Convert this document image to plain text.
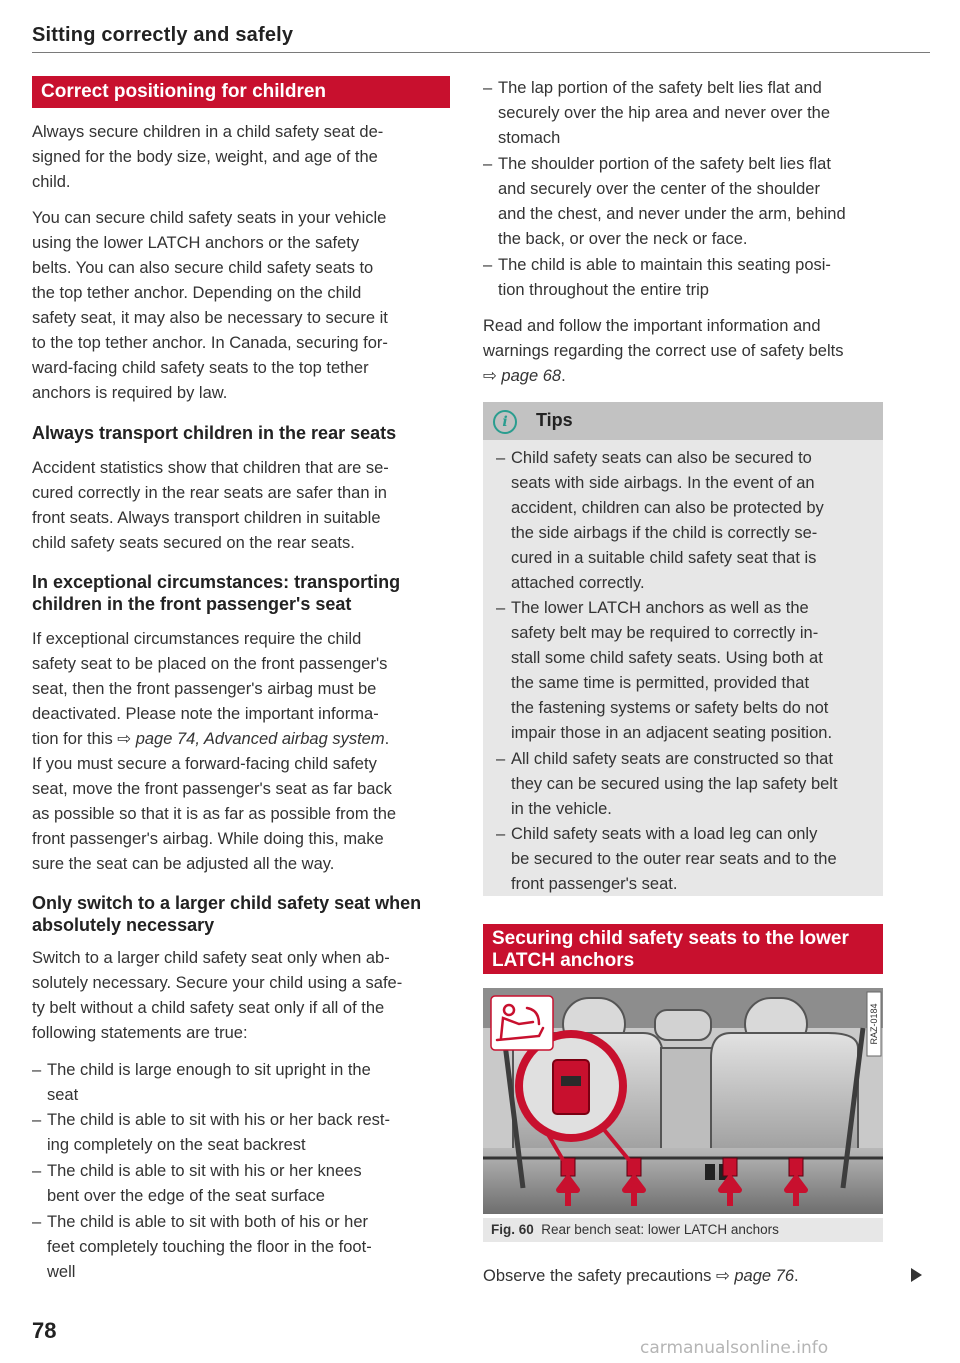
Sitting correctly and safely
Correct positioning for children
Always secure children in a child safety seat de-
signed for the body size, weight, and age of the
child.
You can secure child safety seats in your vehicle
using the lower LATCH anchors or the safety
belts. You can also secure child safety seats to
the top tether anchor. Depending on the child
safety seat, it may also be necessary to secure it
to the top tether anchor. In Canada, securing for-
ward-facing child safety seats to the top tether
anchors is required by law.
Always transport children in the rear seats
Accident statistics show that children that are se-
cured correctly in the rear seats are safer than in
front seats. Always transport children in suitable
child safety seats secured on the rear seats.
In exceptional circumstances: transporting
children in the front passenger's seat
If exceptional circumstances require the child
safety seat to be placed on the front passenger's
seat, then the front passenger's airbag must be
deactivated. Please note the important informa-
tion for this ⇨ page 74, Advanced airbag system.
If you must secure a forward-facing child safety
seat, move the front passenger's seat as far back
as possible so that it is as far as possible from the
front passenger's airbag. While doing this, make
sure the seat can be adjusted all the way.
Only switch to a larger child safety seat when
absolutely necessary
Switch to a larger child safety seat only when ab-
solutely necessary. Secure your child using a safe-
ty belt without a child safety seat only if all of the
following statements are true:
– The child is large enough to sit upright in the
seat
– The child is able to sit with his or her back rest-
ing completely on the seat backrest
– The child is able to sit with his or her knees
bent over the edge of the seat surface
– The child is able to sit with both of his or her
feet completely touching the floor in the foot-
well
– The lap portion of the safety belt lies flat and
securely over the hip area and never over the
stomach
– The shoulder portion of the safety belt lies flat
and securely over the center of the shoulder
and the chest, and never under the arm, behind
the back, or over the neck or face.
– The child is able to maintain this seating posi-
tion throughout the entire trip
Read and follow the important information and
warnings regarding the correct use of safety belts
⇨ page 68.
i	Tips
– Child safety seats can also be secured to
seats with side airbags. In the event of an
accident, children can also be protected by
the side airbags if the child is correctly se-
cured in a suitable child safety seat that is
attached correctly.
– The lower LATCH anchors as well as the
safety belt may be required to correctly in-
stall some child safety seats. Using both at
the same time is permitted, provided that
the fastening systems or safety belts do not
impair those in an adjacent seating position.
– All child safety seats are constructed so that
they can be secured using the lap safety belt
in the vehicle.
– Child safety seats with a load leg can only
be secured to the outer rear seats and to the
front passenger's seat.
Securing child safety seats to the lower
LATCH anchors
RAZ-0184
Fig. 60 Rear bench seat: lower LATCH anchors
Observe the safety precautions ⇨ page 76.
78
carmanualsonline.info
